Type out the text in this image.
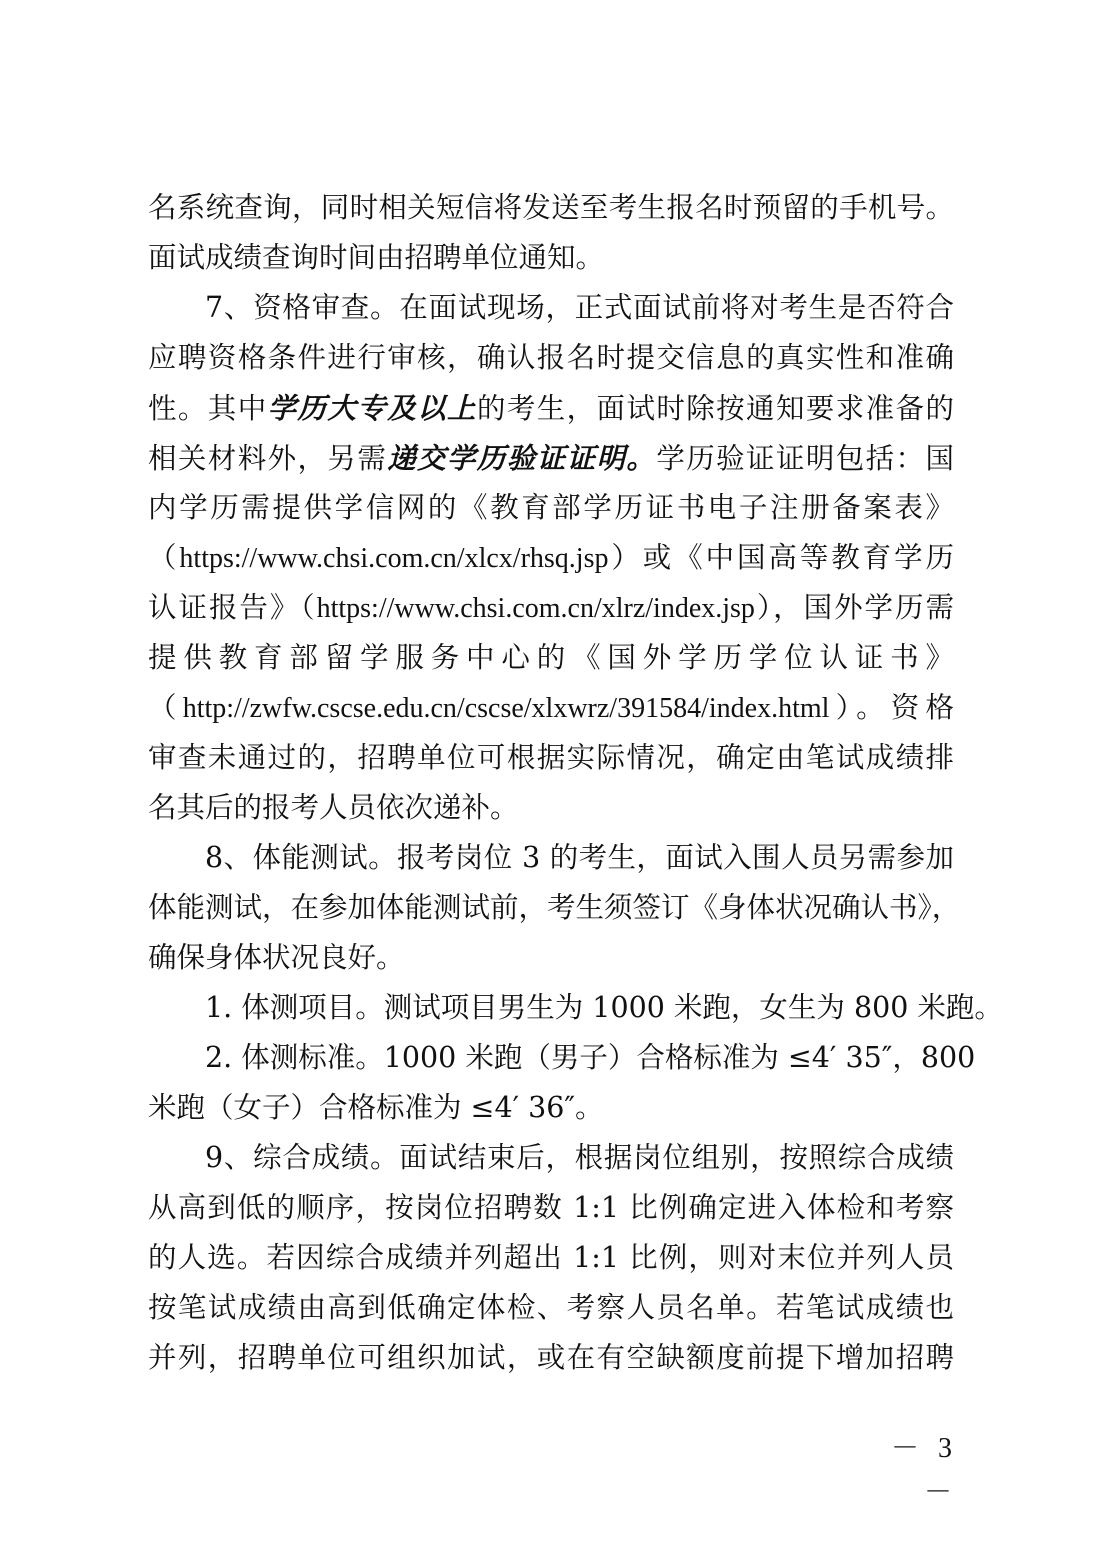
名系统查询，同时相关短信将发送至考生报名时预留的手机号。
面试成绩查询时间由招聘单位通知。
7、资格审查。在面试现场，正式面试前将对考生是否符合
应聘资格条件进行审核，确认报名时提交信息的真实性和准确
性。其中学历大专及以上的考生，面试时除按通知要求准备的
相关材料外，另需递交学历验证证明。学历验证证明包括：国
内学历需提供学信网的《教育部学历证书电子注册备案表》
（https://www.chsi.com.cn/xlcx/rhsq.jsp）或《中国高等教育学历
认证报告》（https://www.chsi.com.cn/xlrz/index.jsp），国外学历需
提供教育部留学服务中心的《国外学历学位认证书》
（http://zwfw.cscse.edu.cn/cscse/xlxwrz/391584/index.html）。资格
审查未通过的，招聘单位可根据实际情况，确定由笔试成绩排
名其后的报考人员依次递补。
8、体能测试。报考岗位 3 的考生，面试入围人员另需参加
体能测试，在参加体能测试前，考生须签订《身体状况确认书》，
确保身体状况良好。
1. 体测项目。测试项目男生为 1000 米跑，女生为 800 米跑。
2. 体测标准。1000 米跑（男子）合格标准为 ≤4′ 35″，800
米跑（女子）合格标准为 ≤4′ 36″。
9、综合成绩。面试结束后，根据岗位组别，按照综合成绩
从高到低的顺序，按岗位招聘数 1:1 比例确定进入体检和考察
的人选。若因综合成绩并列超出 1:1 比例，则对末位并列人员
按笔试成绩由高到低确定体检、考察人员名单。若笔试成绩也
并列，招聘单位可组织加试，或在有空缺额度前提下增加招聘
－ 3 －
